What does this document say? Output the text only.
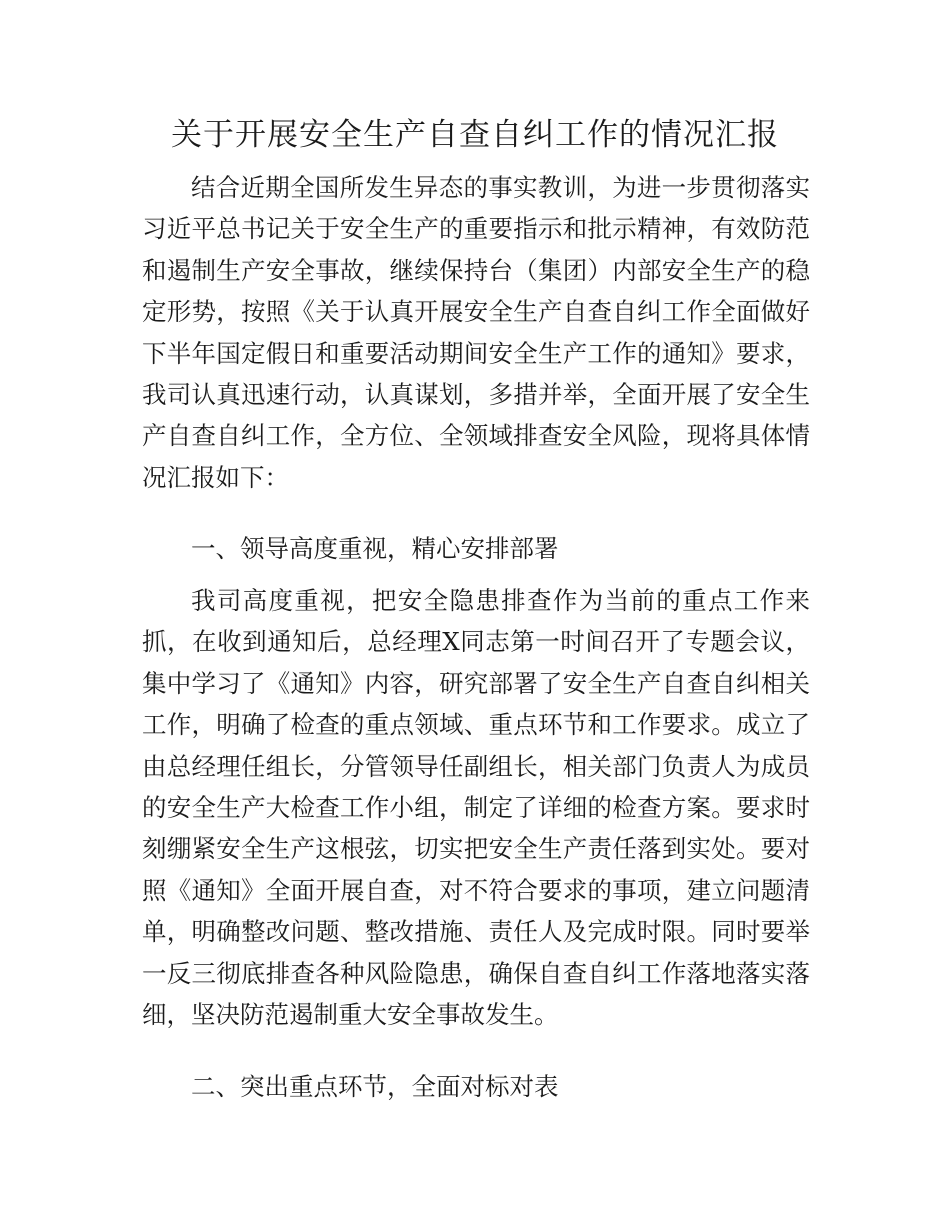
关于开展安全生产自查自纠工作的情况汇报
结合近期全国所发生异态的事实教训，为进一步贯彻落实
习近平总书记关于安全生产的重要指示和批示精神，有效防范
和遏制生产安全事故，继续保持台（集团）内部安全生产的稳
定形势，按照《关于认真开展安全生产自查自纠工作全面做好
下半年国定假日和重要活动期间安全生产工作的通知》要求，
我司认真迅速行动，认真谋划，多措并举，全面开展了安全生
产自查自纠工作，全方位、全领域排查安全风险，现将具体情
况汇报如下：
一、领导高度重视，精心安排部署
我司高度重视，把安全隐患排查作为当前的重点工作来
抓，在收到通知后，总经理X同志第一时间召开了专题会议，
集中学习了《通知》内容，研究部署了安全生产自查自纠相关
工作，明确了检查的重点领域、重点环节和工作要求。成立了
由总经理任组长，分管领导任副组长，相关部门负责人为成员
的安全生产大检查工作小组，制定了详细的检查方案。要求时
刻绷紧安全生产这根弦，切实把安全生产责任落到实处。要对
照《通知》全面开展自查，对不符合要求的事项，建立问题清
单，明确整改问题、整改措施、责任人及完成时限。同时要举
一反三彻底排查各种风险隐患，确保自查自纠工作落地落实落
细，坚决防范遏制重大安全事故发生。
二、突出重点环节，全面对标对表
